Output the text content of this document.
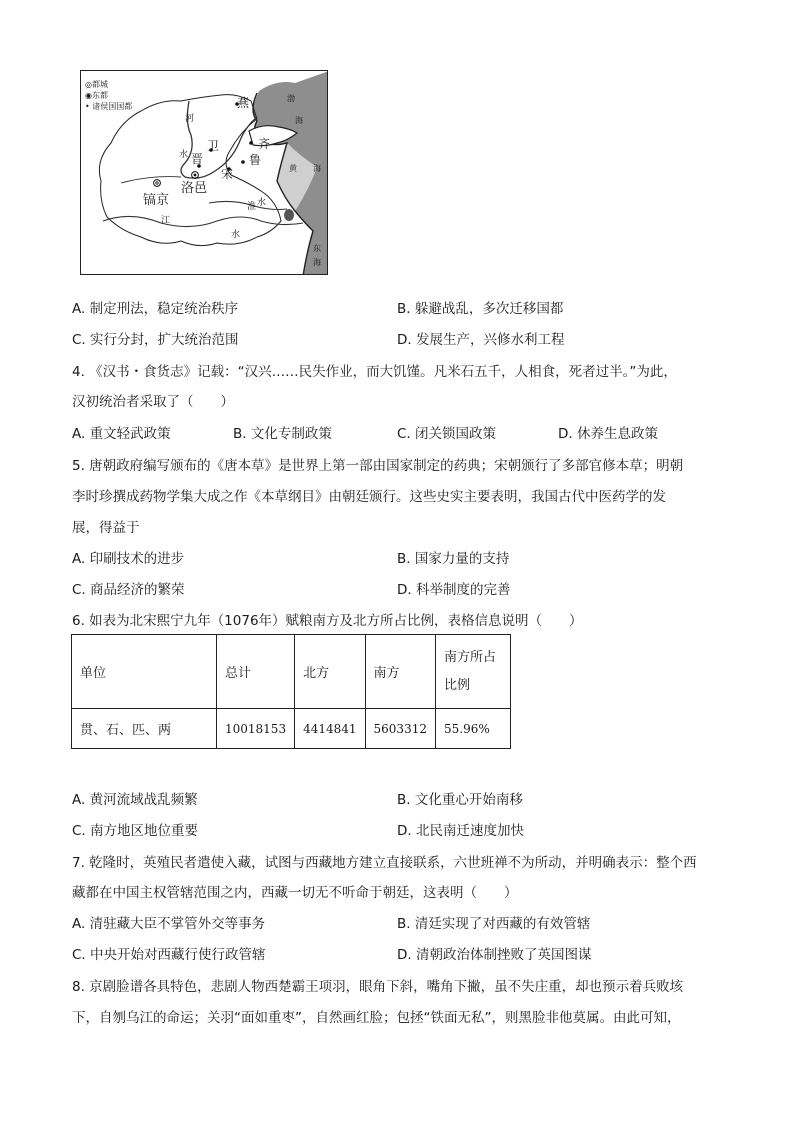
◎都城
◉东都
• 诸侯国国都	燕
卫
晋
齐
鲁
宋
洛邑
镐京
河
水
淮 水
江
水
渤
海
黄 海
东
海
A. 制定刑法，稳定统治秩序	B. 躲避战乱，多次迁移国都
C. 实行分封，扩大统治范围	D. 发展生产，兴修水利工程
4. 《汉书・食货志》记载：“汉兴……民失作业，而大饥馑。凡米石五千，人相食，死者过半。”为此，
汉初统治者采取了（　　）
A. 重文轻武政策	B. 文化专制政策	C. 闭关锁国政策	D. 休养生息政策
5. 唐朝政府编写颁布的《唐本草》是世界上第一部由国家制定的药典；宋朝颁行了多部官修本草；明朝
李时珍撰成药物学集大成之作《本草纲目》由朝廷颁行。这些史实主要表明，我国古代中医药学的发
展，得益于
A. 印刷技术的进步	B. 国家力量的支持
C. 商品经济的繁荣	D. 科举制度的完善
6. 如表为北宋熙宁九年（1076年）赋粮南方及北方所占比例，表格信息说明（　　）
单位	总计	北方	南方	南方所占
比例

贯、石、匹、两	10018153	4414841	5603312	55.96%
A. 黄河流域战乱频繁	B. 文化重心开始南移
C. 南方地区地位重要	D. 北民南迁速度加快
7. 乾隆时，英殖民者遣使入藏，试图与西藏地方建立直接联系，六世班禅不为所动，并明确表示：整个西
藏都在中国主权管辖范围之内，西藏一切无不听命于朝廷，这表明（　　）
A. 清驻藏大臣不掌管外交等事务	B. 清廷实现了对西藏的有效管辖
C. 中央开始对西藏行使行政管辖	D. 清朝政治体制挫败了英国图谋
8. 京剧脸谱各具特色，悲剧人物西楚霸王项羽，眼角下斜，嘴角下撇，虽不失庄重，却也预示着兵败垓
下，自刎乌江的命运；关羽“面如重枣”，自然画红脸；包拯“铁面无私”，则黑脸非他莫属。由此可知，
